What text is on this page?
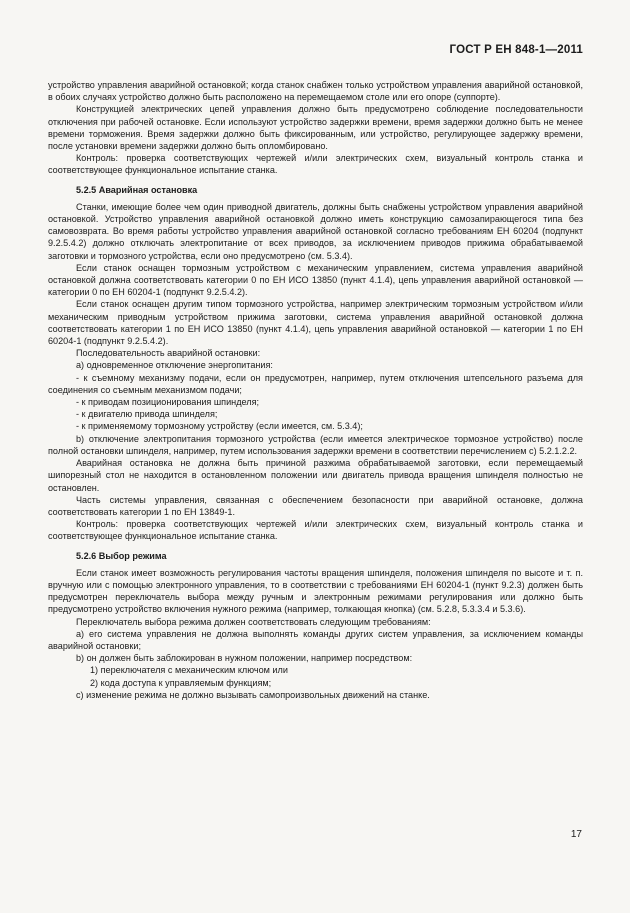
ГОСТ Р ЕН 848-1—2011

устройство управления аварийной остановкой; когда станок снабжен только устройством управления аварийной остановкой, в обоих случаях устройство должно быть расположено на перемещаемом столе или его опоре (суппорте).

Конструкцией электрических цепей управления должно быть предусмотрено соблюдение последовательности отключения при рабочей остановке. Если используют устройство задержки времени, время задержки должно быть не менее времени торможения. Время задержки должно быть фиксированным, или устройство, регулирующее задержку времени, после установки времени задержки должно быть опломбировано.

Контроль: проверка соответствующих чертежей и/или электрических схем, визуальный контроль станка и соответствующее функциональное испытание станка.

5.2.5 Аварийная остановка

Станки, имеющие более чем один приводной двигатель, должны быть снабжены устройством управления аварийной остановкой. Устройство управления аварийной остановкой должно иметь конструкцию самозапирающегося типа без самовозврата. Во время работы устройство управления аварийной остановкой согласно требованиям ЕН 60204 (подпункт 9.2.5.4.2) должно отключать электропитание от всех приводов, за исключением приводов прижима обрабатываемой заготовки и тормозного устройства, если оно предусмотрено (см. 5.3.4).

Если станок оснащен тормозным устройством с механическим управлением, система управления аварийной остановкой должна соответствовать категории 0 по ЕН ИСО 13850 (пункт 4.1.4), цепь управления аварийной остановкой — категории 0 по ЕН 60204-1 (подпункт 9.2.5.4.2).

Если станок оснащен другим типом тормозного устройства, например электрическим тормозным устройством и/или механическим приводным устройством прижима заготовки, система управления аварийной остановкой должна соответствовать категории 1 по ЕН ИСО 13850 (пункт 4.1.4), цепь управления аварийной остановкой — категории 1 по ЕН 60204-1 (подпункт 9.2.5.4.2).

Последовательность аварийной остановки:

а) одновременное отключение энергопитания:

- к съемному механизму подачи, если он предусмотрен, например, путем отключения штепсельного разъема для соединения со съемным механизмом подачи;

- к приводам позиционирования шпинделя;

- к двигателю привода шпинделя;

- к применяемому тормозному устройству (если имеется, см. 5.3.4);

b) отключение электропитания тормозного устройства (если имеется электрическое тормозное устройство) после полной остановки шпинделя, например, путем использования задержки времени в соответствии перечислением с) 5.2.1.2.2.

Аварийная остановка не должна быть причиной разжима обрабатываемой заготовки, если перемещаемый шипорезный стол не находится в остановленном положении или двигатель привода вращения шпинделя полностью не остановлен.

Часть системы управления, связанная с обеспечением безопасности при аварийной остановке, должна соответствовать категории 1 по ЕН 13849-1.

Контроль: проверка соответствующих чертежей и/или электрических схем, визуальный контроль станка и соответствующее функциональное испытание станка.

5.2.6 Выбор режима

Если станок имеет возможность регулирования частоты вращения шпинделя, положения шпинделя по высоте и т. п. вручную или с помощью электронного управления, то в соответствии с требованиями ЕН 60204-1 (пункт 9.2.3) должен быть предусмотрен переключатель выбора между ручным и электронным режимами регулирования или должно быть предусмотрено устройство включения нужного режима (например, толкающая кнопка) (см. 5.2.8, 5.3.3.4 и 5.3.6).

Переключатель выбора режима должен соответствовать следующим требованиям:

а) его система управления не должна выполнять команды других систем управления, за исключением команды аварийной остановки;

b) он должен быть заблокирован в нужном положении, например посредством:

1) переключателя с механическим ключом или

2) кода доступа к управляемым функциям;

с) изменение режима не должно вызывать самопроизвольных движений на станке.

17
